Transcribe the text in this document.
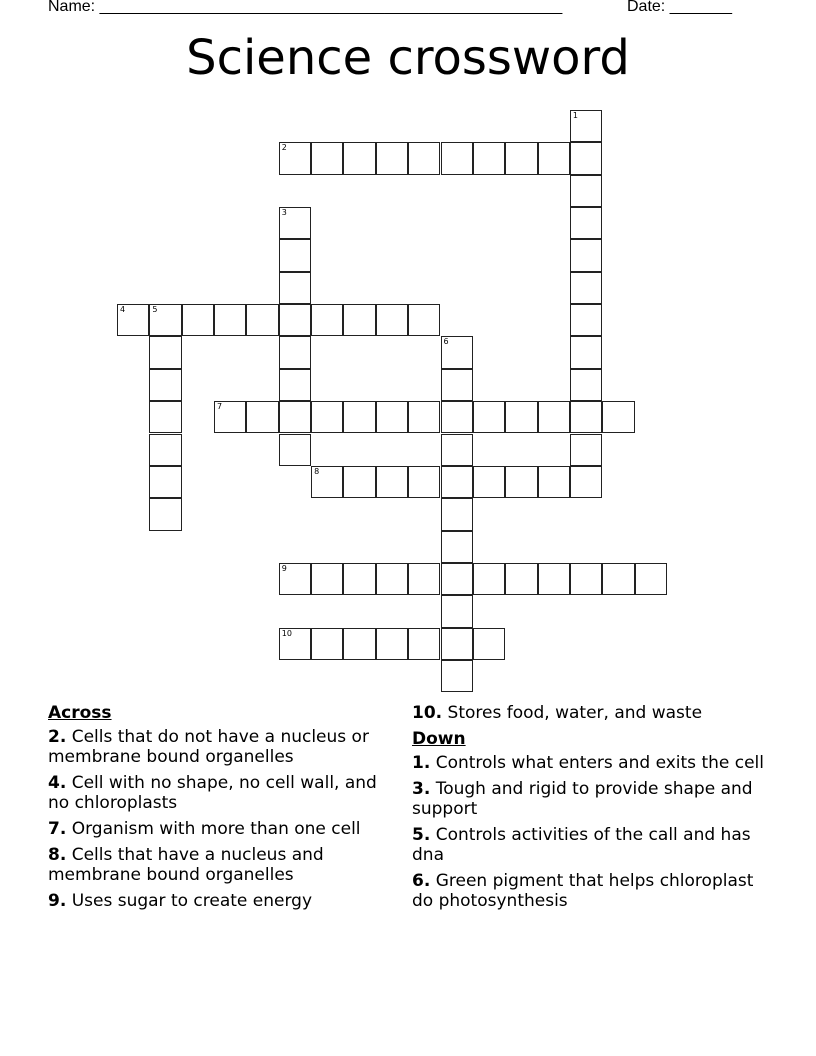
Name: ____________________________________________________	Date: _______
Science crossword
1
2
3
4	5
6
7
8
9
10
Across
2. Cells that do not have a nucleus or membrane bound organelles
4. Cell with no shape, no cell wall, and no chloroplasts
7. Organism with more than one cell
8. Cells that have a nucleus and membrane bound organelles
9. Uses sugar to create energy
10. Stores food, water, and waste
Down
1. Controls what enters and exits the cell
3. Tough and rigid to provide shape and support
5. Controls activities of the call and has dna
6. Green pigment that helps chloroplast do photosynthesis
